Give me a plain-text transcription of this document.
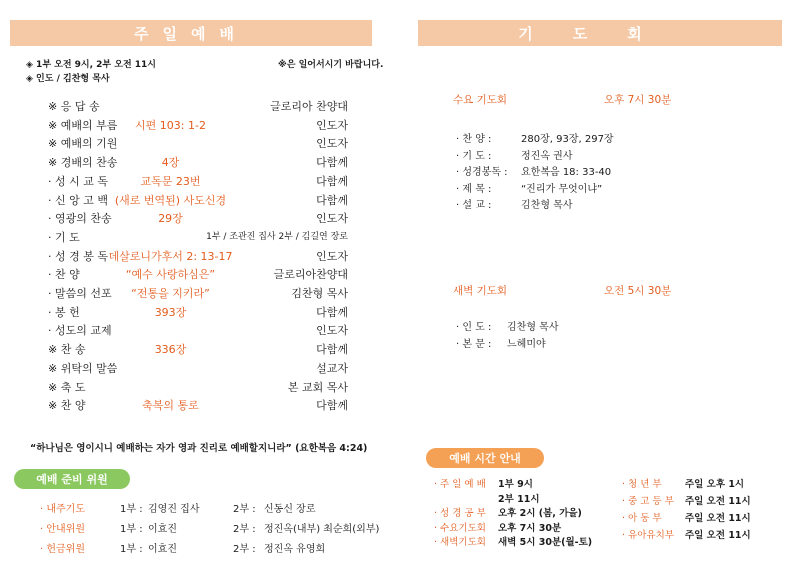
주일예배
◈ 1부 오전 9시, 2부 오전 11시	※은 일어서시기 바랍니다.
◈ 인도 / 김찬형 목사
※ 응 답 송	글로리아 찬양대
※ 예배의 부름	시편 103: 1-2	인도자
※ 예배의 기원	인도자
※ 경배의 찬송	4장	다함께
· 성 시 교 독	교독문 23번	다함께
· 신 앙 고 백 (새로 번역된) 사도신경	다함께
· 영광의 찬송	29장	인도자
· 기 도	1부 / 조관진 집사 2부 / 김길연 장로
· 성 경 봉 독 데살로니가후서 2: 13-17	인도자
· 찬 양	“예수 사랑하심은”	글로리아찬양대
· 말씀의 선포	“전통을 지키라”	김찬형 목사
· 봉 헌	393장	다함께
· 성도의 교제	인도자
※ 찬 송	336장	다함께
※ 위탁의 말씀	설교자
※ 축 도	본 교회 목사
※ 찬 양	축복의 통로	다함께
“하나님은 영이시니 예배하는 자가 영과 진리로 예배할지니라” (요한복음 4:24)
예배 준비 위원
· 내주기도	1부 : 김영진 집사	2부 : 신동신 장로
· 안내위원	1부 : 이효진	2부 : 정진옥(내부) 최순희(외부)
· 헌금위원	1부 : 이효진	2부 : 정진옥 유영희
기도회
수요 기도회	오후 7시 30분
· 찬 양 :	280장, 93장, 297장
· 기 도 :	정진옥 권사
· 성경봉독 : 요한복음 18: 33-40
· 제 목 :	“진리가 무엇이냐”
· 설 교 :	김찬형 목사
새벽 기도회	오전 5시 30분
· 인 도 : 김찬형 목사
· 본 문 : 느헤미야
예배 시간 안내
· 주 일 예 배 1부 9시
2부 11시
· 성 경 공 부 오후 2시 (봄, 가을)
· 수요기도회 오후 7시 30분
· 새벽기도회 새벽 5시 30분(월-토)
· 청 년 부 주일 오후 1시
· 중 고 등 부 주일 오전 11시
· 아 동 부 주일 오전 11시
· 유아유치부 주일 오전 11시
